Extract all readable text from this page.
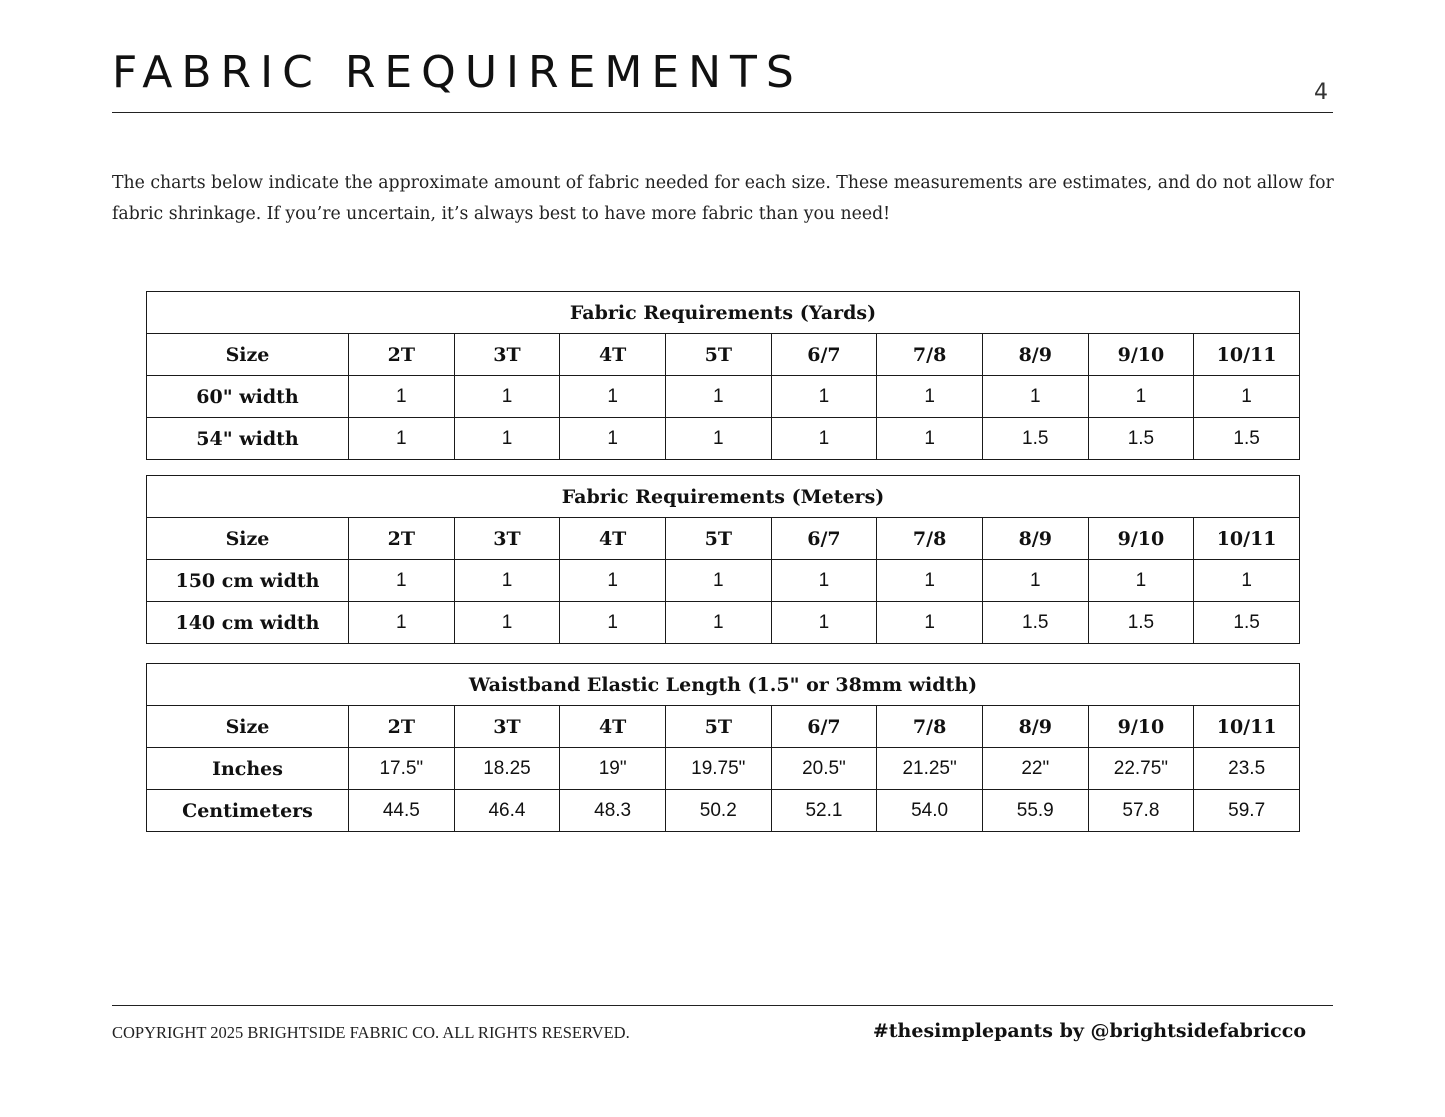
FABRIC REQUIREMENTS	4

The charts below indicate the approximate amount of fabric needed for each size. These measurements are estimates, and do not allow for fabric shrinkage. If you’re uncertain, it’s always best to have more fabric than you need!

Fabric Requirements (Yards)									
Size	2T	3T	4T	5T	6/7	7/8	8/9	9/10	10/11
60" width	1	1	1	1	1	1	1	1	1
54" width	1	1	1	1	1	1	1.5	1.5	1.5
Fabric Requirements (Meters)									
Size	2T	3T	4T	5T	6/7	7/8	8/9	9/10	10/11
150 cm width	1	1	1	1	1	1	1	1	1
140 cm width	1	1	1	1	1	1	1.5	1.5	1.5
Waistband Elastic Length (1.5" or 38mm width)									
Size	2T	3T	4T	5T	6/7	7/8	8/9	9/10	10/11
Inches	17.5"	18.25	19"	19.75"	20.5"	21.25"	22"	22.75"	23.5
Centimeters	44.5	46.4	48.3	50.2	52.1	54.0	55.9	57.8	59.7
COPYRIGHT 2025 BRIGHTSIDE FABRIC CO. ALL RIGHTS RESERVED.	#thesimplepants by @brightsidefabricco
